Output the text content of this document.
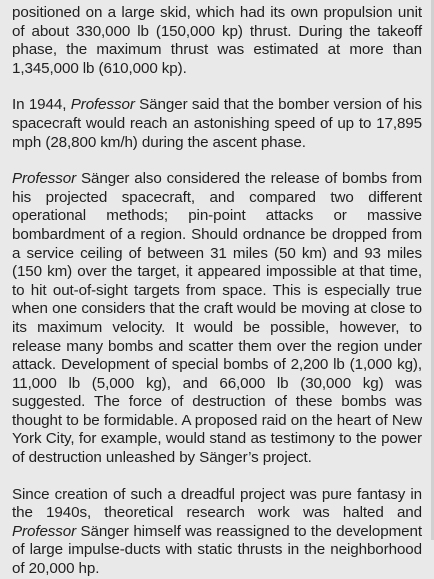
positioned on a large skid, which had its own propulsion unit of about 330,000 lb (150,000 kp) thrust. During the takeoff phase, the maximum thrust was estimated at more than 1,345,000 lb (610,000 kp).

In 1944, Professor Sänger said that the bomber version of his spacecraft would reach an astonishing speed of up to 17,895 mph (28,800 km/h) during the ascent phase.

Professor Sänger also considered the release of bombs from his projected spacecraft, and compared two different operational methods; pin-point attacks or massive bombardment of a region. Should ordnance be dropped from a service ceiling of between 31 miles (50 km) and 93 miles (150 km) over the target, it appeared impossible at that time, to hit out-of-sight targets from space. This is especially true when one considers that the craft would be moving at close to its maximum velocity. It would be possible, however, to release many bombs and scatter them over the region under attack. Development of special bombs of 2,200 lb (1,000 kg), 11,000 lb (5,000 kg), and 66,000 lb (30,000 kg) was suggested. The force of destruction of these bombs was thought to be formidable. A proposed raid on the heart of New York City, for example, would stand as testimony to the power of destruction unleashed by Sänger’s project.

Since creation of such a dreadful project was pure fantasy in the 1940s, theoretical research work was halted and Professor Sänger himself was reassigned to the development of large impulse-ducts with static thrusts in the neighborhood of 20,000 hp.
